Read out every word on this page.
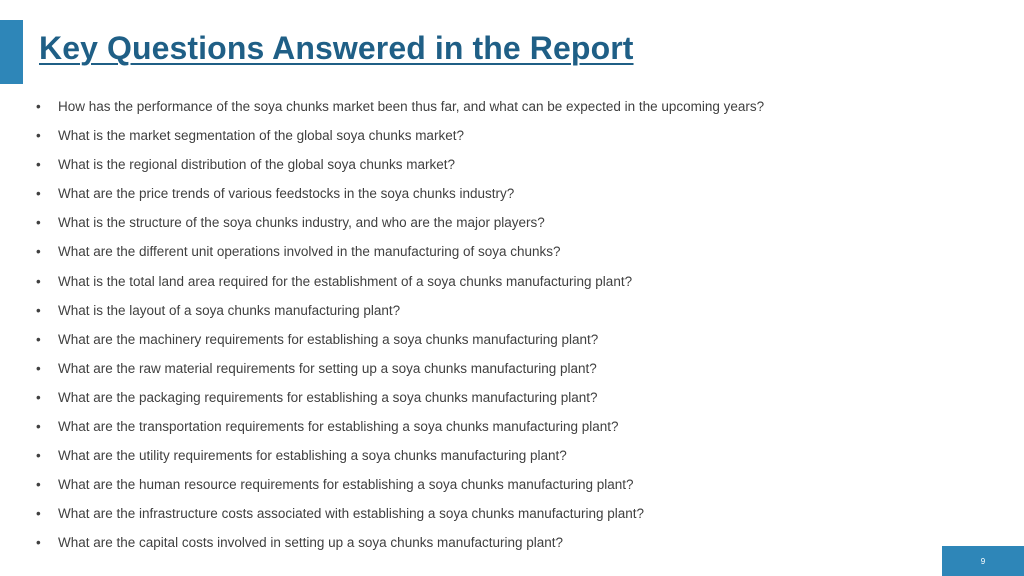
Key Questions Answered in the Report
• How has the performance of the soya chunks market been thus far, and what can be expected in the upcoming years?
• What is the market segmentation of the global soya chunks market?
• What is the regional distribution of the global soya chunks market?
• What are the price trends of various feedstocks in the soya chunks industry?
• What is the structure of the soya chunks industry, and who are the major players?
• What are the different unit operations involved in the manufacturing of soya chunks?
• What is the total land area required for the establishment of a soya chunks manufacturing plant?
• What is the layout of a soya chunks manufacturing plant?
• What are the machinery requirements for establishing a soya chunks manufacturing plant?
• What are the raw material requirements for setting up a soya chunks manufacturing plant?
• What are the packaging requirements for establishing a soya chunks manufacturing plant?
• What are the transportation requirements for establishing a soya chunks manufacturing plant?
• What are the utility requirements for establishing a soya chunks manufacturing plant?
• What are the human resource requirements for establishing a soya chunks manufacturing plant?
• What are the infrastructure costs associated with establishing a soya chunks manufacturing plant?
• What are the capital costs involved in setting up a soya chunks manufacturing plant?
9
